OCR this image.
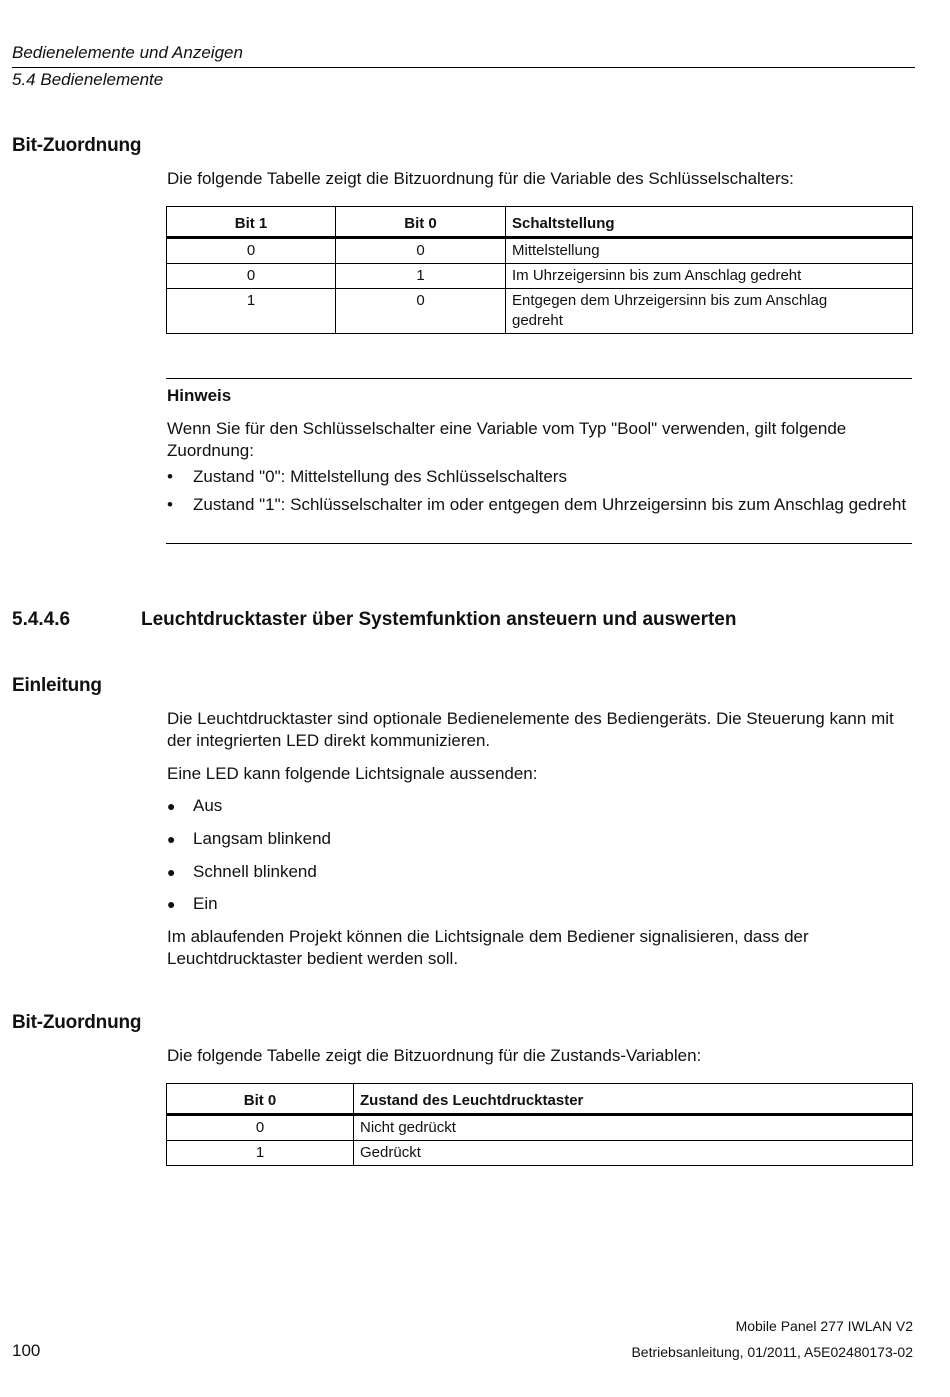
Bedienelemente und Anzeigen
5.4 Bedienelemente
Bit-Zuordnung

Die folgende Tabelle zeigt die Bitzuordnung für die Variable des Schlüsselschalters:

Bit 1	Bit 0	Schaltstellung
0	0	Mittelstellung
0	1	Im Uhrzeigersinn bis zum Anschlag gedreht
1	0	Entgegen dem Uhrzeigersinn bis zum Anschlag gedreht
Hinweis

Wenn Sie für den Schlüsselschalter eine Variable vom Typ "Bool" verwenden, gilt folgende Zuordnung:

• Zustand "0": Mittelstellung des Schlüsselschalters
• Zustand "1": Schlüsselschalter im oder entgegen dem Uhrzeigersinn bis zum Anschlag gedreht
5.4.4.6	Leuchtdrucktaster über Systemfunktion ansteuern und auswerten
Einleitung

Die Leuchtdrucktaster sind optionale Bedienelemente des Bediengeräts. Die Steuerung kann mit der integrierten LED direkt kommunizieren.

Eine LED kann folgende Lichtsignale aussenden:

● Aus
● Langsam blinkend
● Schnell blinkend
● Ein

Im ablaufenden Projekt können die Lichtsignale dem Bediener signalisieren, dass der Leuchtdrucktaster bedient werden soll.

Bit-Zuordnung

Die folgende Tabelle zeigt die Bitzuordnung für die Zustands-Variablen:

Bit 0	Zustand des Leuchtdrucktaster
0	Nicht gedrückt
1	Gedrückt
Mobile Panel 277 IWLAN V2
100	Betriebsanleitung, 01/2011, A5E02480173-02
